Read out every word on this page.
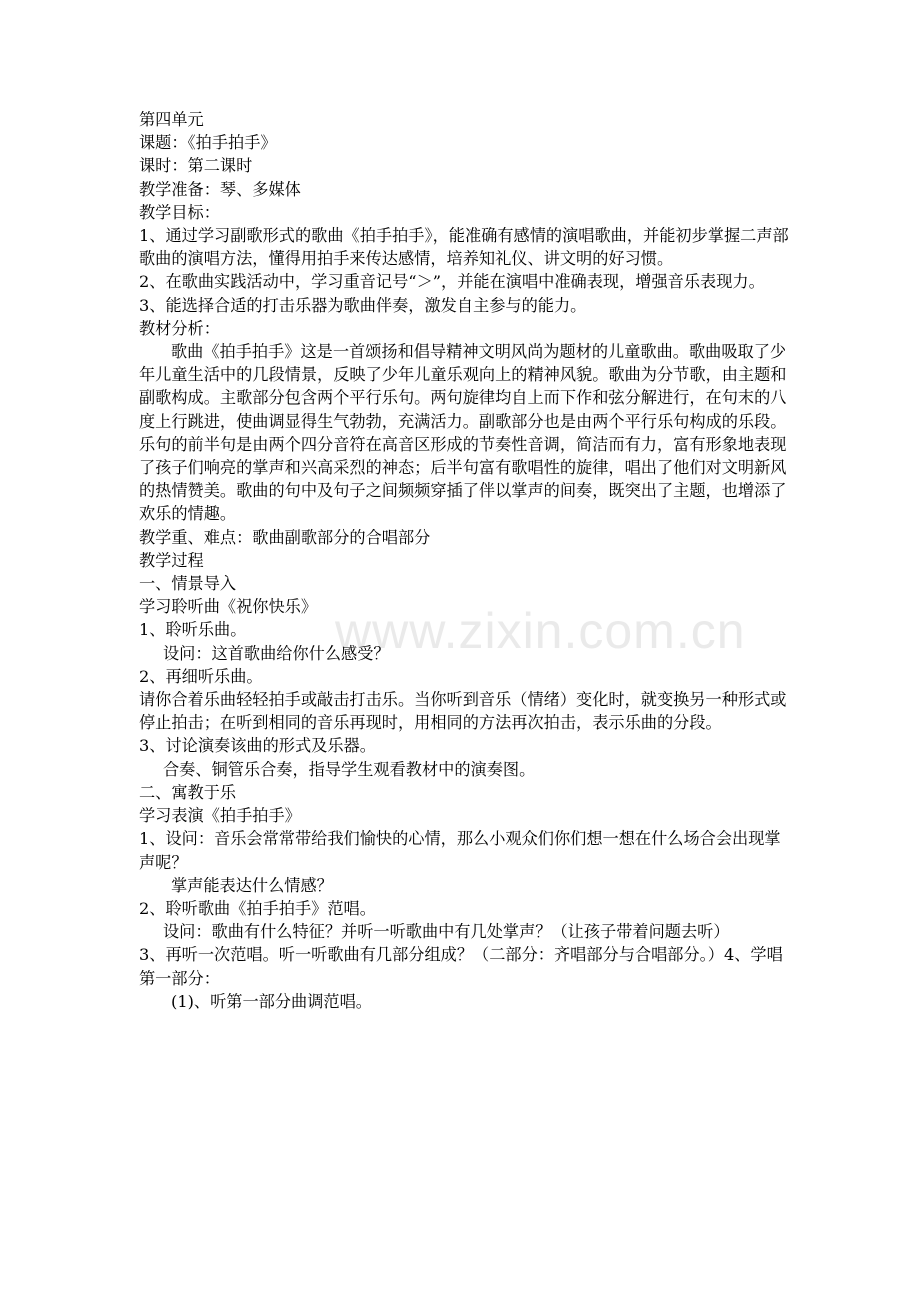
www.zixin.com.cn

第四单元

课题：《拍手拍手》

课时：第二课时

教学准备：琴、多媒体

教学目标：

1、通过学习副歌形式的歌曲《拍手拍手》，能准确有感情的演唱歌曲，并能初步掌握二声部歌曲的演唱方法，懂得用拍手来传达感情，培养知礼仪、讲文明的好习惯。

2、在歌曲实践活动中，学习重音记号“＞”，并能在演唱中准确表现，增强音乐表现力。

3、能选择合适的打击乐器为歌曲伴奏，激发自主参与的能力。

教材分析：

歌曲《拍手拍手》这是一首颂扬和倡导精神文明风尚为题材的儿童歌曲。歌曲吸取了少年儿童生活中的几段情景，反映了少年儿童乐观向上的精神风貌。歌曲为分节歌，由主题和副歌构成。主歌部分包含两个平行乐句。两句旋律均自上而下作和弦分解进行，在句末的八度上行跳进，使曲调显得生气勃勃，充满活力。副歌部分也是由两个平行乐句构成的乐段。乐句的前半句是由两个四分音符在高音区形成的节奏性音调，简洁而有力，富有形象地表现了孩子们响亮的掌声和兴高采烈的神态；后半句富有歌唱性的旋律，唱出了他们对文明新风的热情赞美。歌曲的句中及句子之间频频穿插了伴以掌声的间奏，既突出了主题，也增添了欢乐的情趣。

教学重、难点：歌曲副歌部分的合唱部分

教学过程

一、情景导入

学习聆听曲《祝你快乐》

1、聆听乐曲。

设问：这首歌曲给你什么感受？

2、再细听乐曲。

请你合着乐曲轻轻拍手或敲击打击乐。当你听到音乐（情绪）变化时，就变换另一种形式或停止拍击；在听到相同的音乐再现时，用相同的方法再次拍击，表示乐曲的分段。

3、讨论演奏该曲的形式及乐器。

合奏、铜管乐合奏，指导学生观看教材中的演奏图。

二、寓教于乐

学习表演《拍手拍手》

1、设问：音乐会常常带给我们愉快的心情，那么小观众们你们想一想在什么场合会出现掌声呢？

掌声能表达什么情感？

2、聆听歌曲《拍手拍手》范唱。

设问：歌曲有什么特征？并听一听歌曲中有几处掌声？（让孩子带着问题去听）

3、再听一次范唱。听一听歌曲有几部分组成？（二部分：齐唱部分与合唱部分。）4、学唱第一部分：

(1)、听第一部分曲调范唱。
